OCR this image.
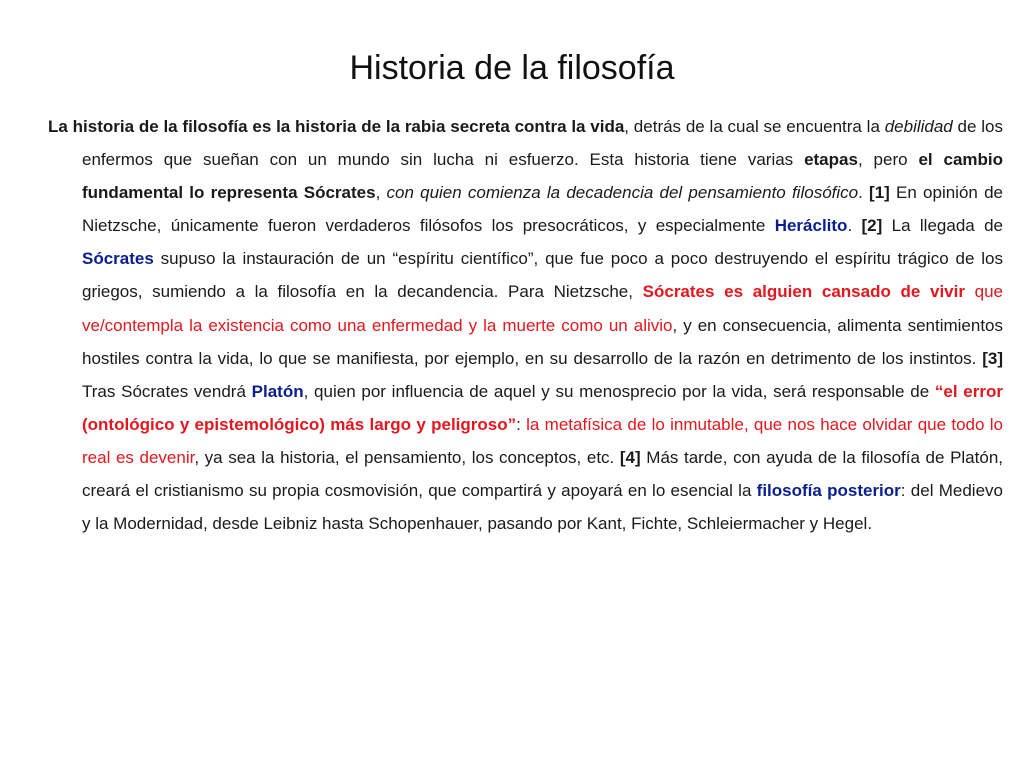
Historia de la filosofía

La historia de la filosofía es la historia de la rabia secreta contra la vida, detrás de la cual se encuentra la debilidad de los enfermos que sueñan con un mundo sin lucha ni esfuerzo. Esta historia tiene varias etapas, pero el cambio fundamental lo representa Sócrates, con quien comienza la decadencia del pensamiento filosófico. [1] En opinión de Nietzsche, únicamente fueron verdaderos filósofos los presocráticos, y especialmente Heráclito. [2] La llegada de Sócrates supuso la instauración de un “espíritu científico”, que fue poco a poco destruyendo el espíritu trágico de los griegos, sumiendo a la filosofía en la decandencia. Para Nietzsche, Sócrates es alguien cansado de vivir que ve/contempla la existencia como una enfermedad y la muerte como un alivio, y en consecuencia, alimenta sentimientos hostiles contra la vida, lo que se manifiesta, por ejemplo, en su desarrollo de la razón en detrimento de los instintos. [3] Tras Sócrates vendrá Platón, quien por influencia de aquel y su menosprecio por la vida, será responsable de “el error (ontológico y epistemológico) más largo y peligroso”: la metafísica de lo inmutable, que nos hace olvidar que todo lo real es devenir, ya sea la historia, el pensamiento, los conceptos, etc. [4] Más tarde, con ayuda de la filosofía de Platón, creará el cristianismo su propia cosmovisión, que compartirá y apoyará en lo esencial la filosofía posterior: del Medievo y la Modernidad, desde Leibniz hasta Schopenhauer, pasando por Kant, Fichte, Schleiermacher y Hegel.
